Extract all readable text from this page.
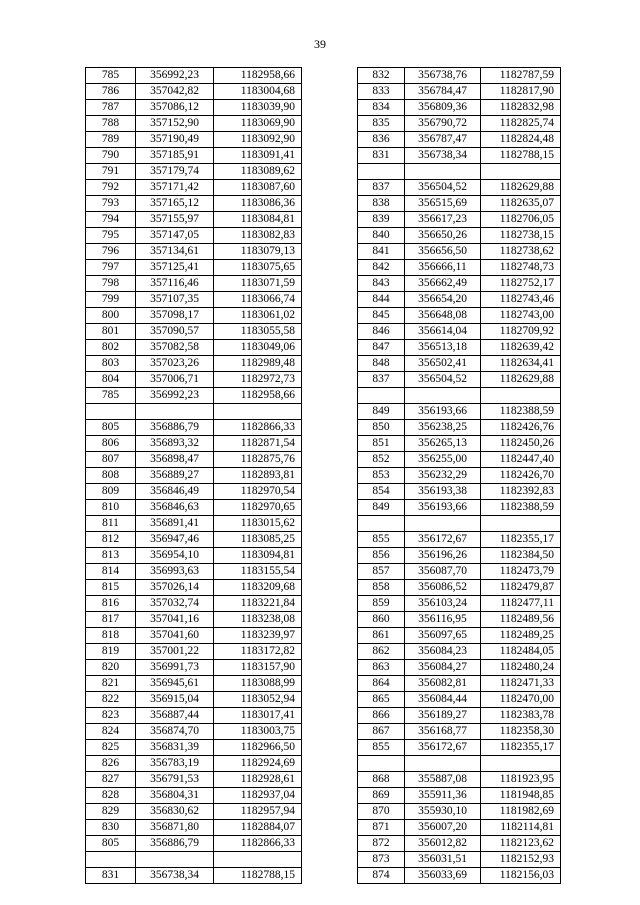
39
785	356992,23	1182958,66
786	357042,82	1183004,68
787	357086,12	1183039,90
788	357152,90	1183069,90
789	357190,49	1183092,90
790	357185,91	1183091,41
791	357179,74	1183089,62
792	357171,42	1183087,60
793	357165,12	1183086,36
794	357155,97	1183084,81
795	357147,05	1183082,83
796	357134,61	1183079,13
797	357125,41	1183075,65
798	357116,46	1183071,59
799	357107,35	1183066,74
800	357098,17	1183061,02
801	357090,57	1183055,58
802	357082,58	1183049,06
803	357023,26	1182989,48
804	357006,71	1182972,73
785	356992,23	1182958,66

805	356886,79	1182866,33
806	356893,32	1182871,54
807	356898,47	1182875,76
808	356889,27	1182893,81
809	356846,49	1182970,54
810	356846,63	1182970,65
811	356891,41	1183015,62
812	356947,46	1183085,25
813	356954,10	1183094,81
814	356993,63	1183155,54
815	357026,14	1183209,68
816	357032,74	1183221,84
817	357041,16	1183238,08
818	357041,60	1183239,97
819	357001,22	1183172,82
820	356991,73	1183157,90
821	356945,61	1183088,99
822	356915,04	1183052,94
823	356887,44	1183017,41
824	356874,70	1183003,75
825	356831,39	1182966,50
826	356783,19	1182924,69
827	356791,53	1182928,61
828	356804,31	1182937,04
829	356830,62	1182957,94
830	356871,80	1182884,07
805	356886,79	1182866,33

831	356738,34	1182788,15
832	356738,76	1182787,59
833	356784,47	1182817,90
834	356809,36	1182832,98
835	356790,72	1182825,74
836	356787,47	1182824,48
831	356738,34	1182788,15

837	356504,52	1182629,88
838	356515,69	1182635,07
839	356617,23	1182706,05
840	356650,26	1182738,15
841	356656,50	1182738,62
842	356666,11	1182748,73
843	356662,49	1182752,17
844	356654,20	1182743,46
845	356648,08	1182743,00
846	356614,04	1182709,92
847	356513,18	1182639,42
848	356502,41	1182634,41
837	356504,52	1182629,88

849	356193,66	1182388,59
850	356238,25	1182426,76
851	356265,13	1182450,26
852	356255,00	1182447,40
853	356232,29	1182426,70
854	356193,38	1182392,83
849	356193,66	1182388,59

855	356172,67	1182355,17
856	356196,26	1182384,50
857	356087,70	1182473,79
858	356086,52	1182479,87
859	356103,24	1182477,11
860	356116,95	1182489,56
861	356097,65	1182489,25
862	356084,23	1182484,05
863	356084,27	1182480,24
864	356082,81	1182471,33
865	356084,44	1182470,00
866	356189,27	1182383,78
867	356168,77	1182358,30
855	356172,67	1182355,17

868	355887,08	1181923,95
869	355911,36	1181948,85
870	355930,10	1181982,69
871	356007,20	1182114,81
872	356012,82	1182123,62
873	356031,51	1182152,93
874	356033,69	1182156,03
